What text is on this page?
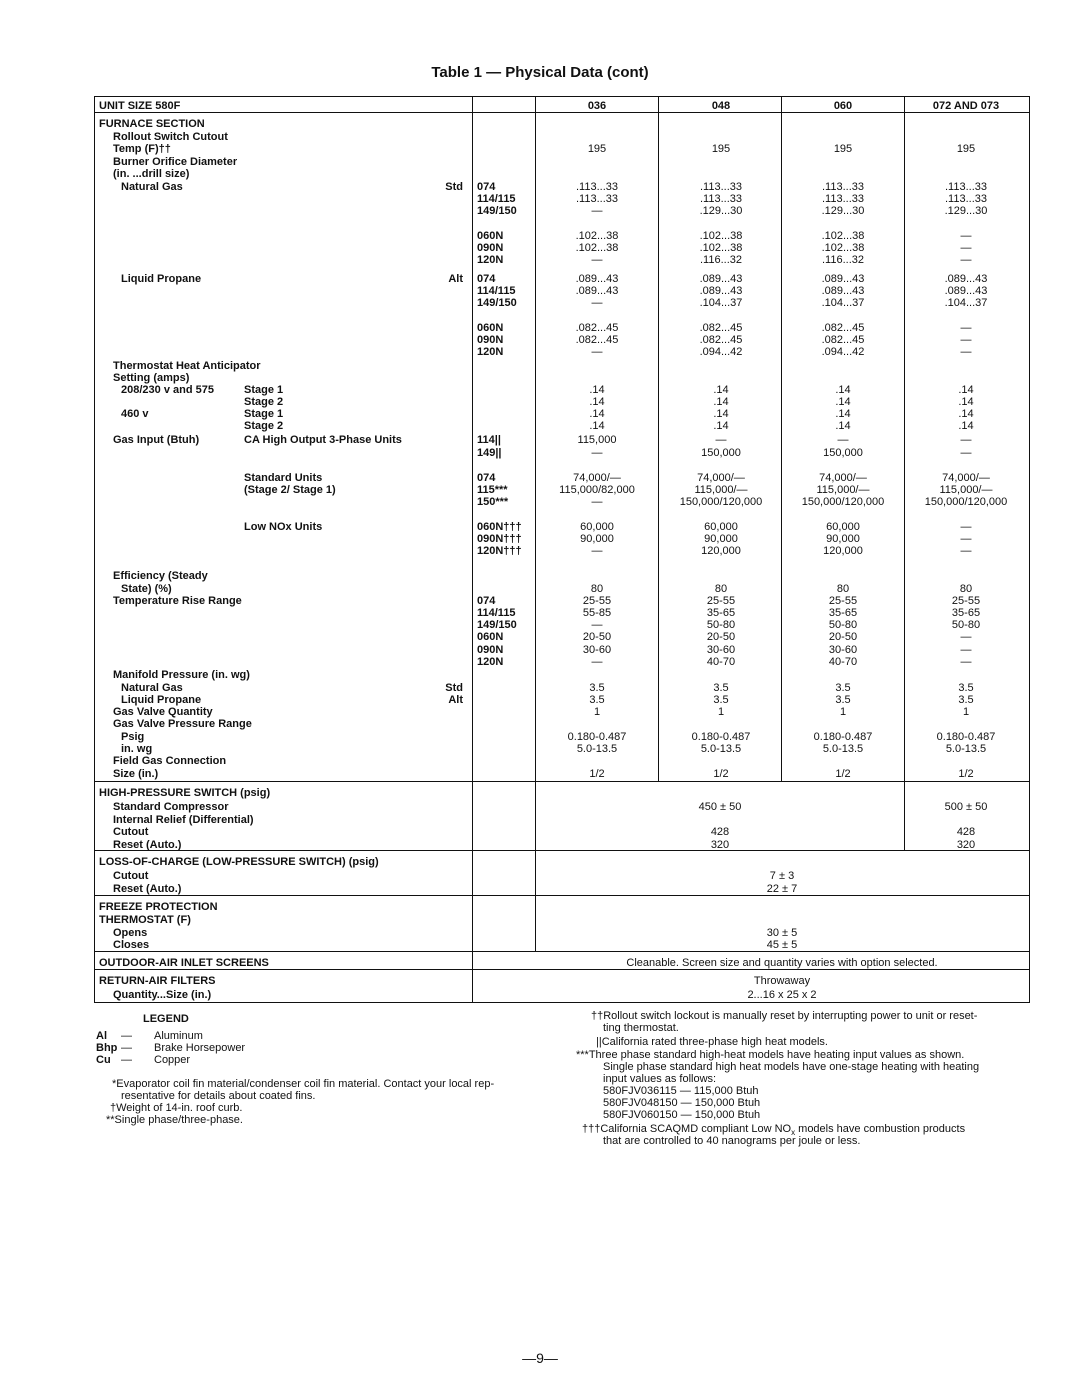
Table 1 — Physical Data (cont)
UNIT SIZE 580F	036	048	060	072 AND 073
FURNACE SECTION
Rollout Switch Cutout
Temp (F)††	195	195	195	195
Burner Orifice Diameter
(in. ...drill size)
Natural Gas	Std 074	.113...33	.113...33	.113...33	.113...33
114/115	.113...33	.113...33	.113...33	.113...33
149/150	—	.129...30	.129...30	.129...30
060N	.102...38	.102...38	.102...38	—
090N	.102...38	.102...38	.102...38	—
120N	—	.116...32	.116...32	—
Liquid Propane	Alt 074	.089...43	.089...43	.089...43	.089...43
114/115	.089...43	.089...43	.089...43	.089...43
149/150	—	.104...37	.104...37	.104...37
060N	.082...45	.082...45	.082...45	—
090N	.082...45	.082...45	.082...45	—
120N	—	.094...42	.094...42	—
Thermostat Heat Anticipator
Setting (amps)
208/230 v and 575	Stage 1	.14	.14	.14	.14
Stage 2	.14	.14	.14	.14
460 v	Stage 1	.14	.14	.14	.14
Stage 2	.14	.14	.14	.14
Gas Input (Btuh)	CA High Output 3-Phase Units	114||	115,000	—	—	—
149||	—	150,000	150,000	—
Standard Units	074	74,000/—	74,000/—	74,000/—	74,000/—
(Stage 2/ Stage 1)	115***	115,000/82,000	115,000/—	115,000/—	115,000/—
150***	—	150,000/120,000	150,000/120,000	150,000/120,000
Low NOx Units	060N†††	60,000	60,000	60,000	—
090N†††	90,000	90,000	90,000	—
120N†††	—	120,000	120,000	—
Efficiency (Steady
State) (%)	80	80	80	80
Temperature Rise Range	074	25-55	25-55	25-55	25-55
114/115	55-85	35-65	35-65	35-65
149/150	—	50-80	50-80	50-80
060N	20-50	20-50	20-50	—
090N	30-60	30-60	30-60	—
120N	—	40-70	40-70	—
Manifold Pressure (in. wg)
Natural Gas	Std	3.5	3.5	3.5	3.5
Liquid Propane	Alt	3.5	3.5	3.5	3.5
Gas Valve Quantity	1	1	1	1
Gas Valve Pressure Range
Psig	0.180-0.487	0.180-0.487	0.180-0.487	0.180-0.487
in. wg	5.0-13.5	5.0-13.5	5.0-13.5	5.0-13.5
Field Gas Connection
Size (in.)	1/2	1/2	1/2	1/2
HIGH-PRESSURE SWITCH (psig)
Standard Compressor	450 ± 50	500 ± 50
Internal Relief (Differential)
Cutout	428	428
Reset (Auto.)	320	320
LOSS-OF-CHARGE (LOW-PRESSURE SWITCH) (psig)
Cutout	7 ± 3
Reset (Auto.)	22 ± 7
FREEZE PROTECTION
THERMOSTAT (F)
Opens	30 ± 5
Closes	45 ± 5
OUTDOOR-AIR INLET SCREENS	Cleanable. Screen size and quantity varies with option selected.
RETURN-AIR FILTERS	Throwaway
Quantity...Size (in.)	2...16 x 25 x 2
LEGEND
Al — Aluminum
Bhp — Brake Horsepower
Cu — Copper
*Evaporator coil fin material/condenser coil fin material. Contact your local rep-
resentative for details about coated fins.
†Weight of 14-in. roof curb.
**Single phase/three-phase.
††Rollout switch lockout is manually reset by interrupting power to unit or reset-
ting thermostat.
||California rated three-phase high heat models.
***Three phase standard high-heat models have heating input values as shown.
Single phase standard high heat models have one-stage heating with heating
input values as follows:
580FJV036115 — 115,000 Btuh
580FJV048150 — 150,000 Btuh
580FJV060150 — 150,000 Btuh
†††California SCAQMD compliant Low $NO_x$ models have combustion products
that are controlled to 40 nanograms per joule or less.
—9—
